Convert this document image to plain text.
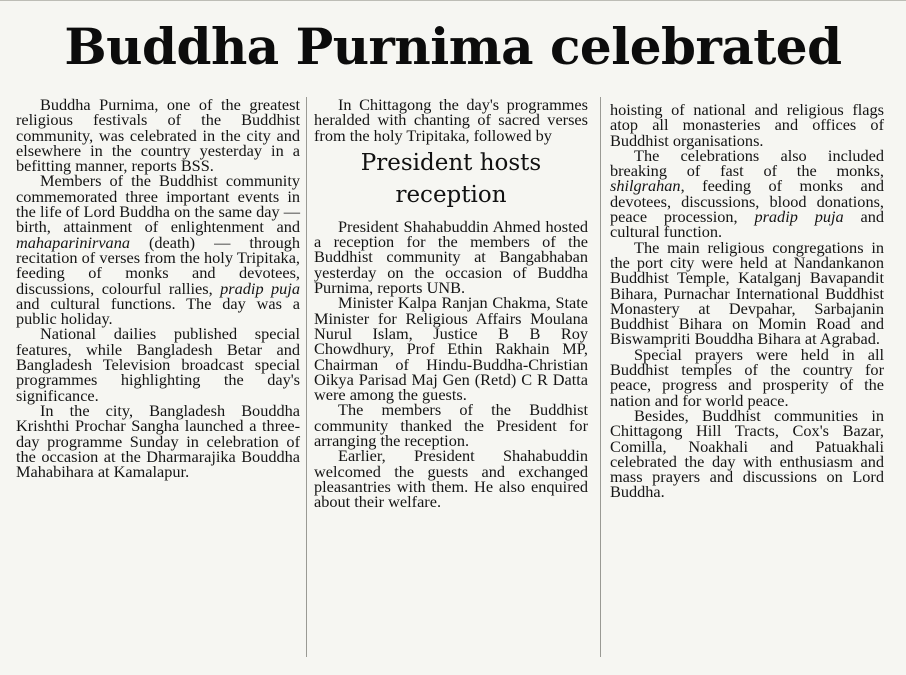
Buddha Purnima celebrated

Buddha Purnima, one of the greatest religious festivals of the Buddhist community, was celebrated in the city and elsewhere in the country yesterday in a befitting manner, reports BSS.

Members of the Buddhist community commemorated three important events in the life of Lord Buddha on the same day — birth, attainment of enlightenment and mahaparinirvana (death) — through recitation of verses from the holy Tripitaka, feeding of monks and devotees, discussions, colourful rallies, pradip puja and cultural functions. The day was a public holiday.

National dailies published special features, while Bangladesh Betar and Bangladesh Television broadcast special programmes highlighting the day's significance.

In the city, Bangladesh Bouddha Krishthi Prochar Sangha launched a three-day programme Sunday in celebration of the occasion at the Dharmarajika Bouddha Mahabihara at Kamalapur.

In Chittagong the day's programmes heralded with chanting of sacred verses from the holy Tripitaka, followed by

President hosts reception

President Shahabuddin Ahmed hosted a reception for the members of the Buddhist community at Bangabhaban yesterday on the occasion of Buddha Purnima, reports UNB.

Minister Kalpa Ranjan Chakma, State Minister for Religious Affairs Moulana Nurul Islam, Justice B B Roy Chowdhury, Prof Ethin Rakhain MP, Chairman of Hindu-Buddha-Christian Oikya Parisad Maj Gen (Retd) C R Datta were among the guests.

The members of the Buddhist community thanked the President for arranging the reception.

Earlier, President Shahabuddin welcomed the guests and exchanged pleasantries with them. He also enquired about their welfare.

hoisting of national and religious flags atop all monasteries and offices of Buddhist organisations.

The celebrations also included breaking of fast of the monks, shilgrahan, feeding of monks and devotees, discussions, blood donations, peace procession, pradip puja and cultural function.

The main religious congregations in the port city were held at Nandankanon Buddhist Temple, Katalganj Bavapandit Bihara, Purnachar International Buddhist Monastery at Devpahar, Sarbajanin Buddhist Bihara on Momin Road and Biswampriti Bouddha Bihara at Agrabad.

Special prayers were held in all Buddhist temples of the country for peace, progress and prosperity of the nation and for world peace.

Besides, Buddhist communities in Chittagong Hill Tracts, Cox's Bazar, Comilla, Noakhali and Patuakhali celebrated the day with enthusiasm and mass prayers and discussions on Lord Buddha.
